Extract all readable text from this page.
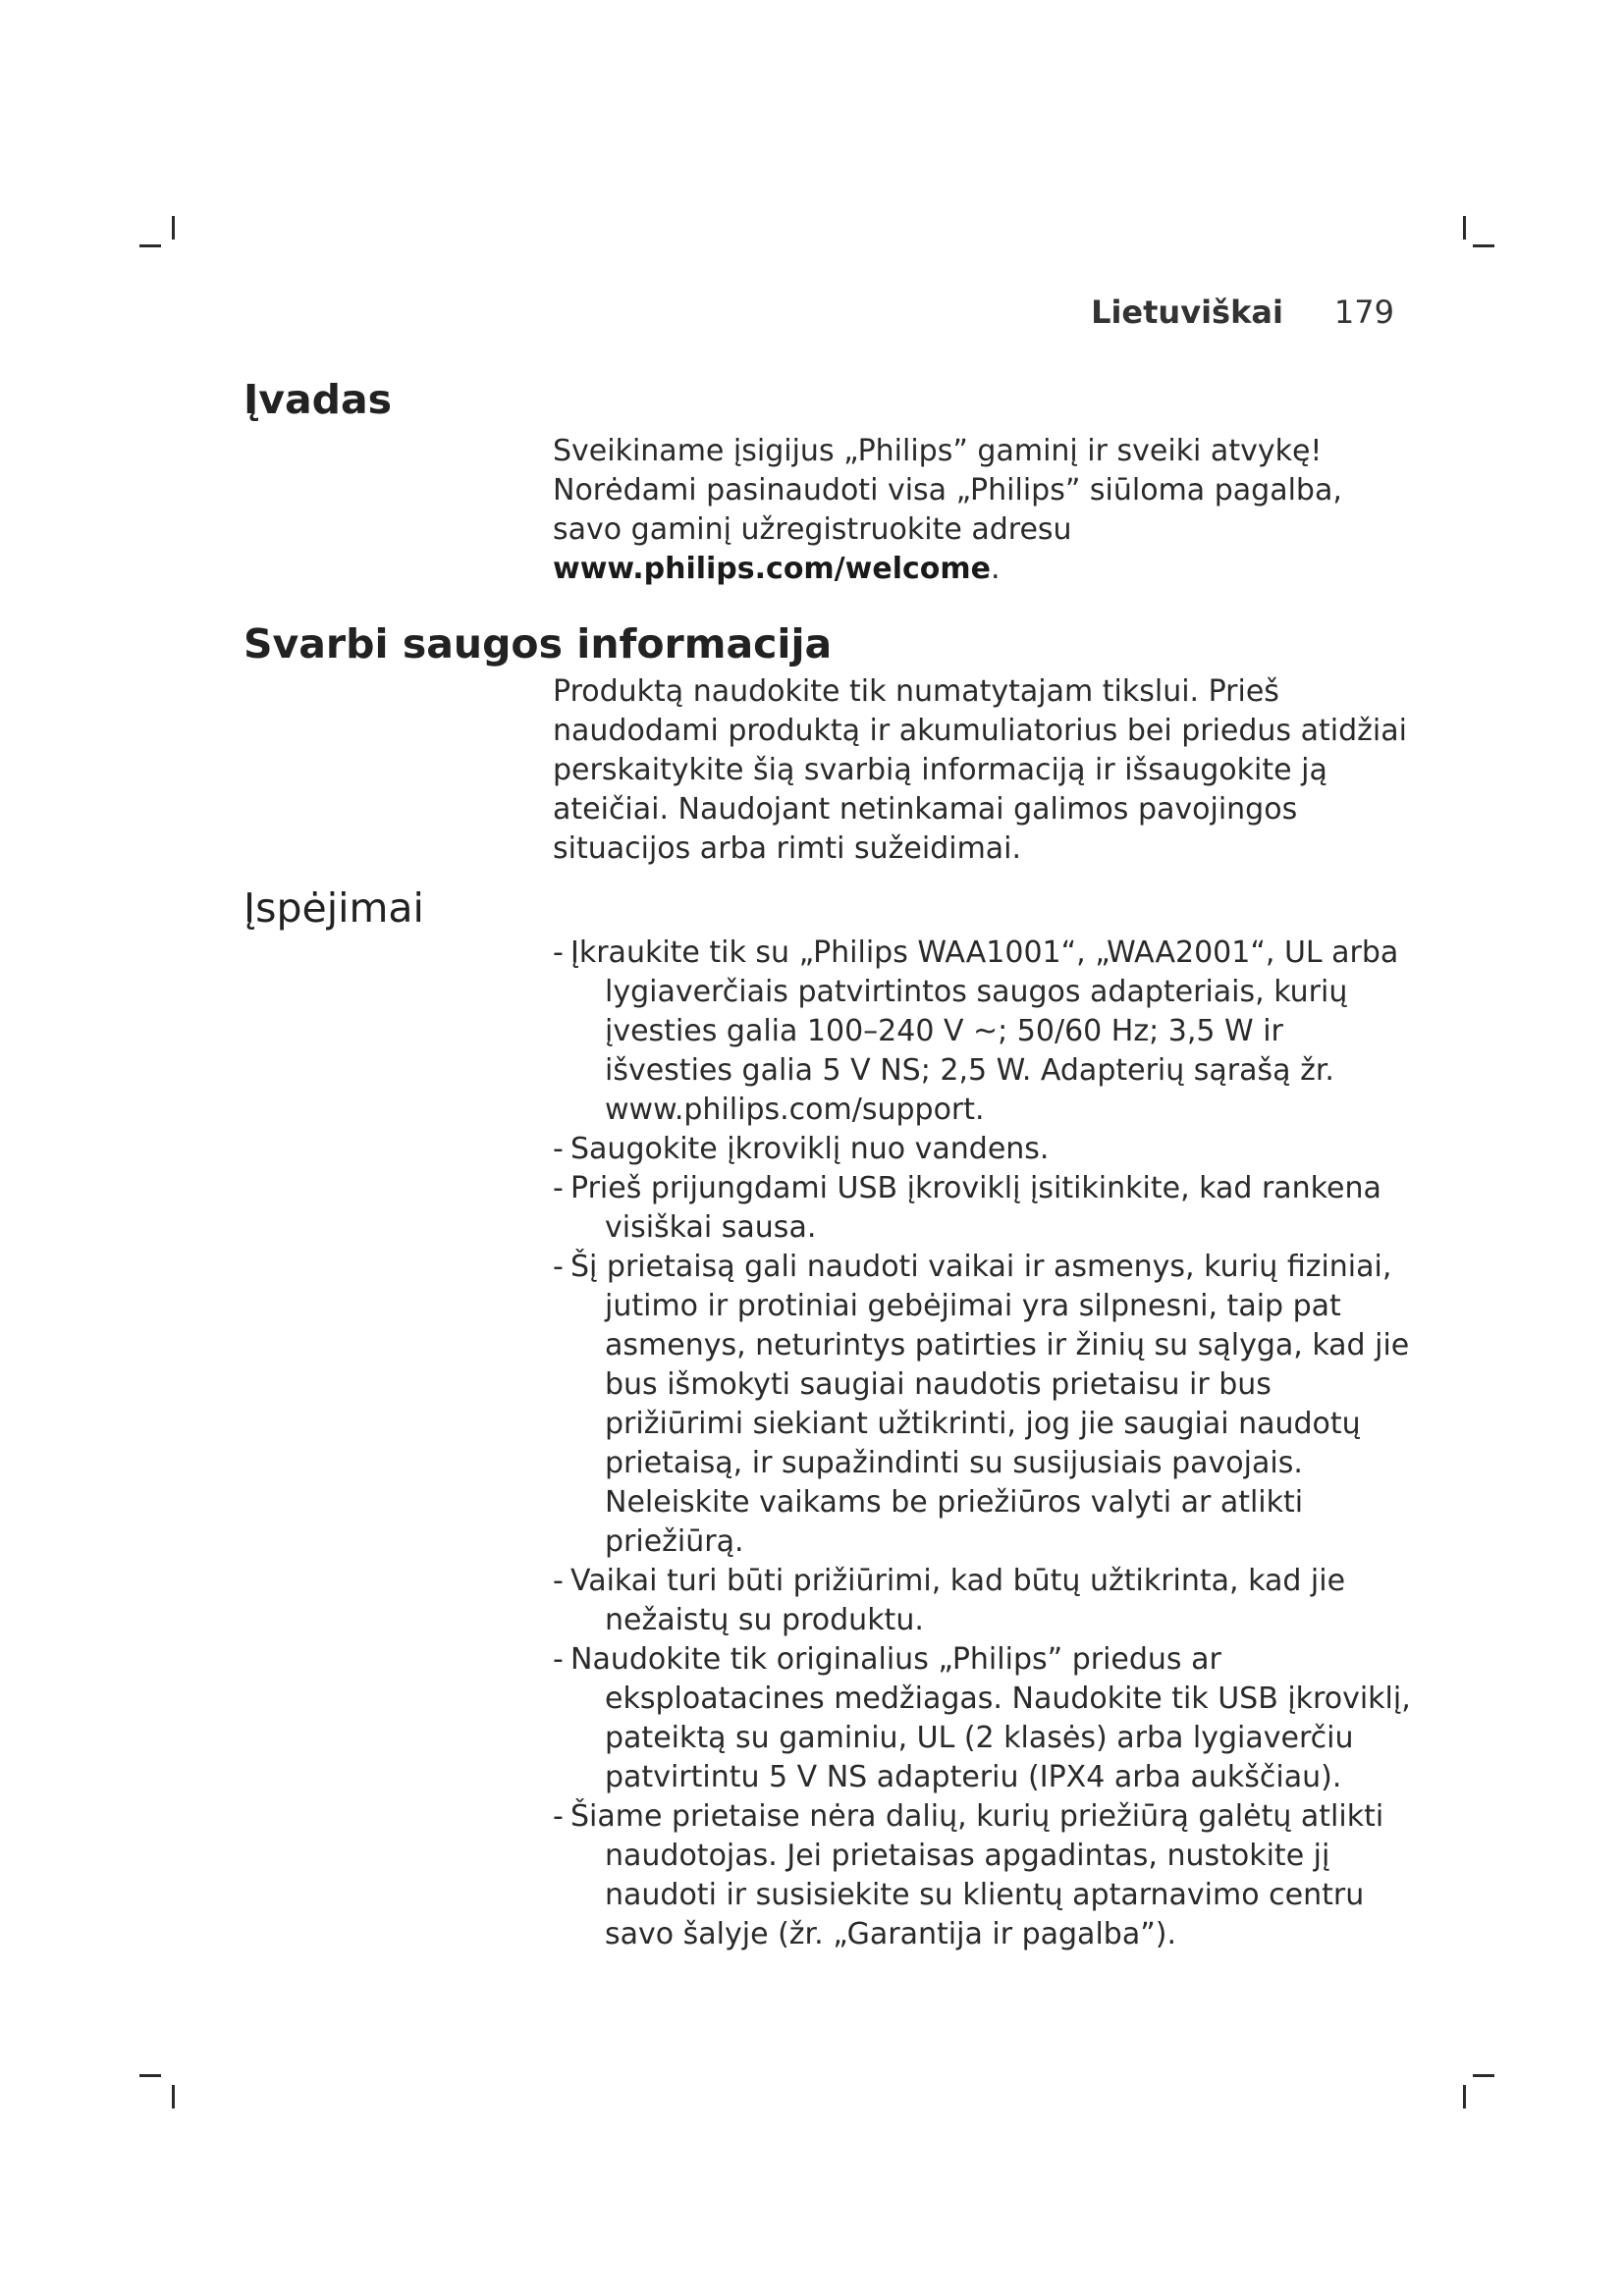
Lietuviškai 179
Įvadas

Sveikiname įsigijus „Philips” gaminį ir sveiki atvykę! Norėdami pasinaudoti visa „Philips” siūloma pagalba, savo gaminį užregistruokite adresu www.philips.com/welcome.

Svarbi saugos informacija

Produktą naudokite tik numatytajam tikslui. Prieš naudodami produktą ir akumuliatorius bei priedus atidžiai perskaitykite šią svarbią informaciją ir išsaugokite ją ateičiai. Naudojant netinkamai galimos pavojingos situacijos arba rimti sužeidimai.

Įspėjimai
- Įkraukite tik su „Philips WAA1001“, „WAA2001“, UL arba lygiaverčiais patvirtintos saugos adapteriais, kurių įvesties galia 100–240 V ~; 50/60 Hz; 3,5 W ir išvesties galia 5 V NS; 2,5 W. Adapterių sąrašą žr. www.philips.com/support.
- Saugokite įkroviklį nuo vandens.
- Prieš prijungdami USB įkroviklį įsitikinkite, kad rankena visiškai sausa.
- Šį prietaisą gali naudoti vaikai ir asmenys, kurių fiziniai, jutimo ir protiniai gebėjimai yra silpnesni, taip pat asmenys, neturintys patirties ir žinių su sąlyga, kad jie bus išmokyti saugiai naudotis prietaisu ir bus prižiūrimi siekiant užtikrinti, jog jie saugiai naudotų prietaisą, ir supažindinti su susijusiais pavojais. Neleiskite vaikams be priežiūros valyti ar atlikti priežiūrą.
- Vaikai turi būti prižiūrimi, kad būtų užtikrinta, kad jie nežaistų su produktu.
- Naudokite tik originalius „Philips” priedus ar eksploatacines medžiagas. Naudokite tik USB įkroviklį, pateiktą su gaminiu, UL (2 klasės) arba lygiaverčiu patvirtintu 5 V NS adapteriu (IPX4 arba aukščiau).
- Šiame prietaise nėra dalių, kurių priežiūrą galėtų atlikti naudotojas. Jei prietaisas apgadintas, nustokite jį naudoti ir susisiekite su klientų aptarnavimo centru savo šalyje (žr. „Garantija ir pagalba”).
